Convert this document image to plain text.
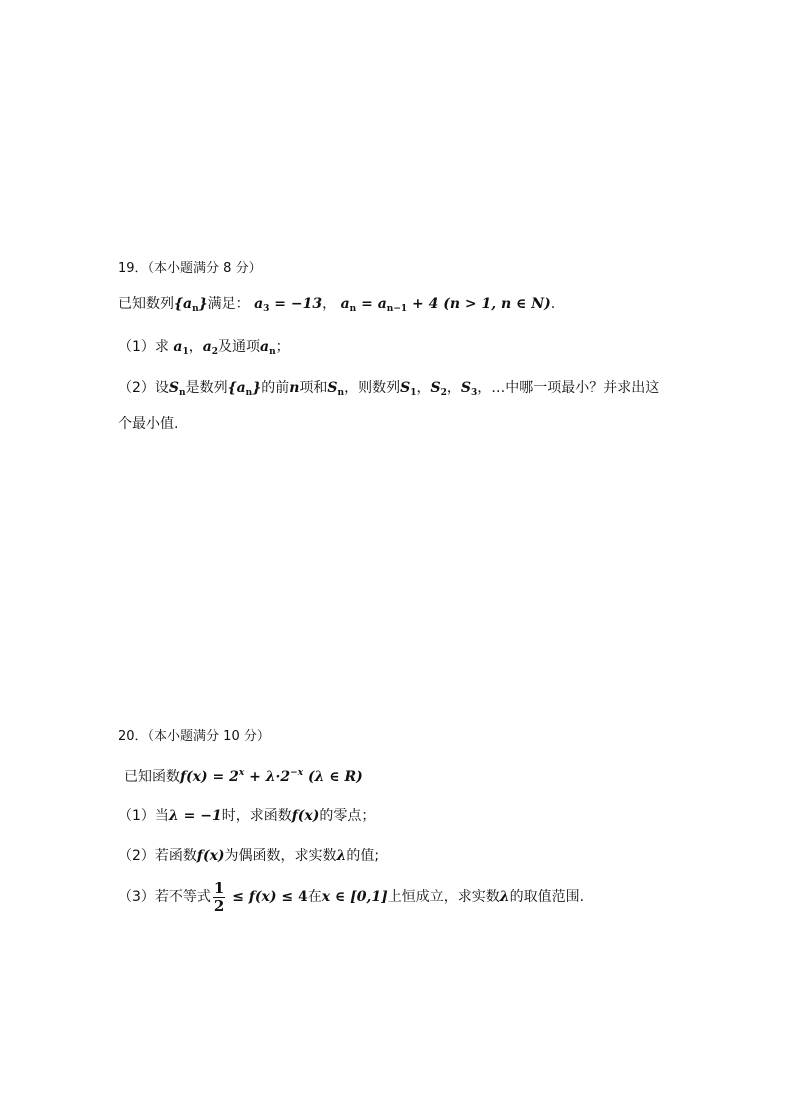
19．（本小题满分 8 分）
已知数列$\{a_n\}$满足： $a_3 = -13$， $a_n = a_{n-1} + 4$ (n > 1, n ∈ N).
（1）求 $a_1$，$a_2$及通项$a_n$；
（2）设$S_n$是数列$\{a_n\}$的前n项和$S_n$，则数列$S_1$，$S_2$，$S_3$，…中哪一项最小？并求出这
个最小值.
20．（本小题满分 10 分）
已知函数$f(x) = 2^x + \lambda\cdot 2^{-x}$ (λ ∈ R)
（1）当λ = −1时，求函数f(x)的零点；
（2）若函数f(x)为偶函数，求实数λ的值;
（3）若不等式 $\frac{1}{2} \le f(x) \le 4$在x ∈ [0,1]上恒成立，求实数λ的取值范围.
